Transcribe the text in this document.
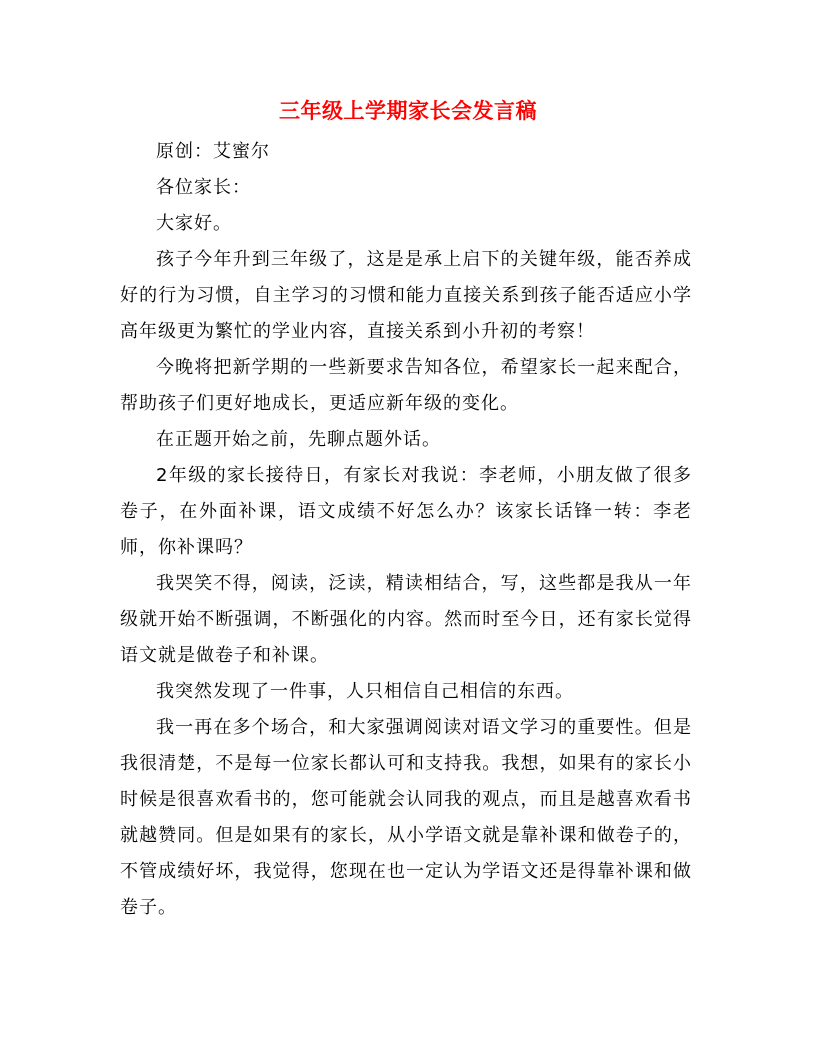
三年级上学期家长会发言稿

原创：艾蜜尔

各位家长：

大家好。

孩子今年升到三年级了，这是是承上启下的关键年级，能否养成好的行为习惯，自主学习的习惯和能力直接关系到孩子能否适应小学高年级更为繁忙的学业内容，直接关系到小升初的考察！

今晚将把新学期的一些新要求告知各位，希望家长一起来配合，帮助孩子们更好地成长，更适应新年级的变化。

在正题开始之前，先聊点题外话。

2年级的家长接待日，有家长对我说：李老师，小朋友做了很多卷子，在外面补课，语文成绩不好怎么办？该家长话锋一转：李老师，你补课吗？

我哭笑不得，阅读，泛读，精读相结合，写，这些都是我从一年级就开始不断强调，不断强化的内容。然而时至今日，还有家长觉得语文就是做卷子和补课。

我突然发现了一件事，人只相信自己相信的东西。

我一再在多个场合，和大家强调阅读对语文学习的重要性。但是我很清楚，不是每一位家长都认可和支持我。我想，如果有的家长小时候是很喜欢看书的，您可能就会认同我的观点，而且是越喜欢看书就越赞同。但是如果有的家长，从小学语文就是靠补课和做卷子的，不管成绩好坏，我觉得，您现在也一定认为学语文还是得靠补课和做卷子。
